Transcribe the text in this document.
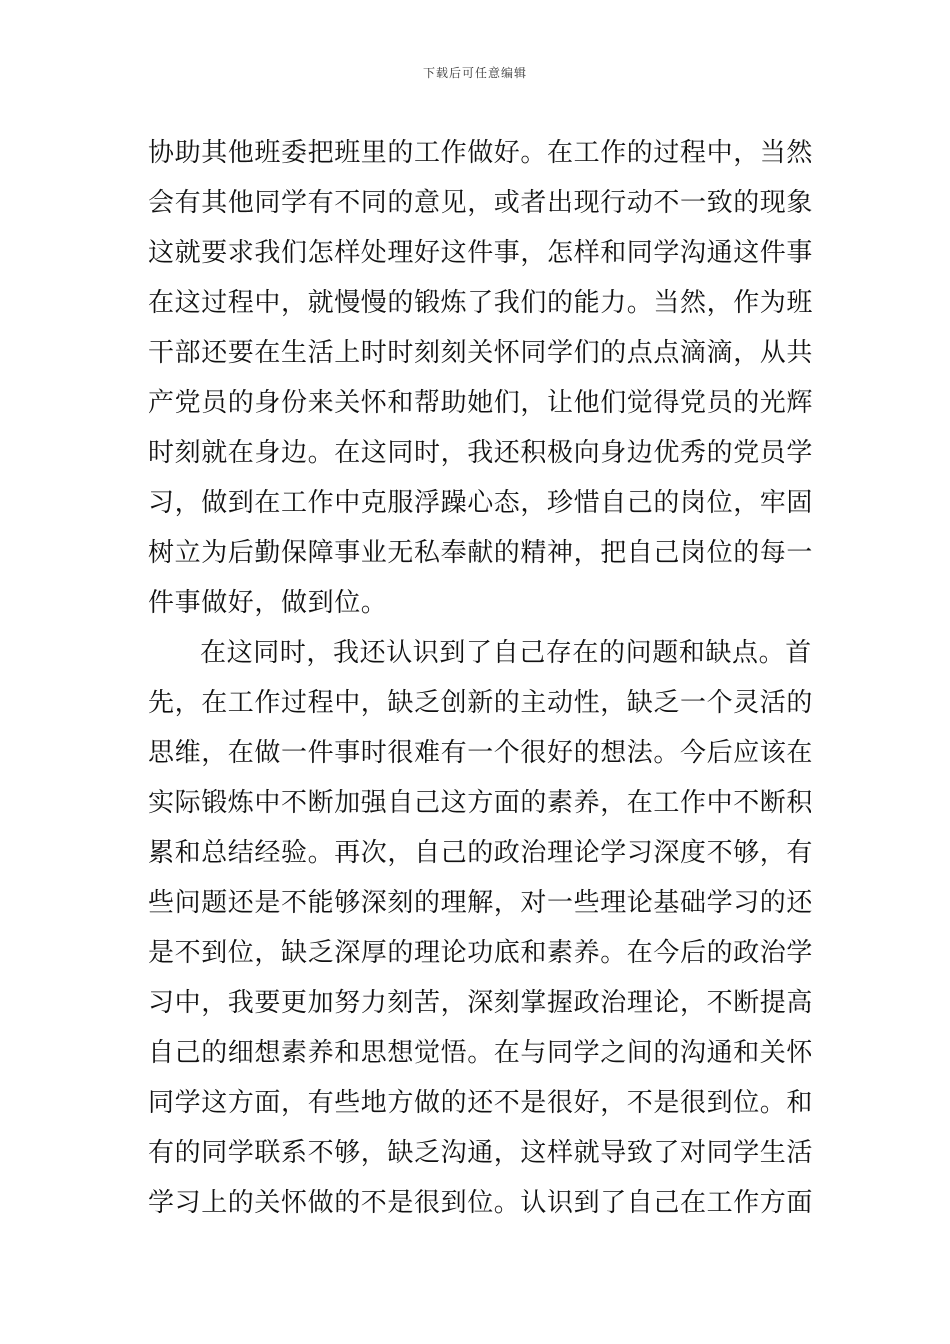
下载后可任意编辑
协助其他班委把班里的工作做好。在工作的过程中，当然
会有其他同学有不同的意见，或者出现行动不一致的现象
这就要求我们怎样处理好这件事，怎样和同学沟通这件事
在这过程中，就慢慢的锻炼了我们的能力。当然，作为班
干部还要在生活上时时刻刻关怀同学们的点点滴滴，从共
产党员的身份来关怀和帮助她们，让他们觉得党员的光辉
时刻就在身边。在这同时，我还积极向身边优秀的党员学
习，做到在工作中克服浮躁心态，珍惜自己的岗位，牢固
树立为后勤保障事业无私奉献的精神，把自己岗位的每一
件事做好，做到位。
在这同时，我还认识到了自己存在的问题和缺点。首
先，在工作过程中，缺乏创新的主动性，缺乏一个灵活的
思维，在做一件事时很难有一个很好的想法。今后应该在
实际锻炼中不断加强自己这方面的素养，在工作中不断积
累和总结经验。再次，自己的政治理论学习深度不够，有
些问题还是不能够深刻的理解，对一些理论基础学习的还
是不到位，缺乏深厚的理论功底和素养。在今后的政治学
习中，我要更加努力刻苦，深刻掌握政治理论，不断提高
自己的细想素养和思想觉悟。在与同学之间的沟通和关怀
同学这方面，有些地方做的还不是很好，不是很到位。和
有的同学联系不够，缺乏沟通，这样就导致了对同学生活
学习上的关怀做的不是很到位。认识到了自己在工作方面
